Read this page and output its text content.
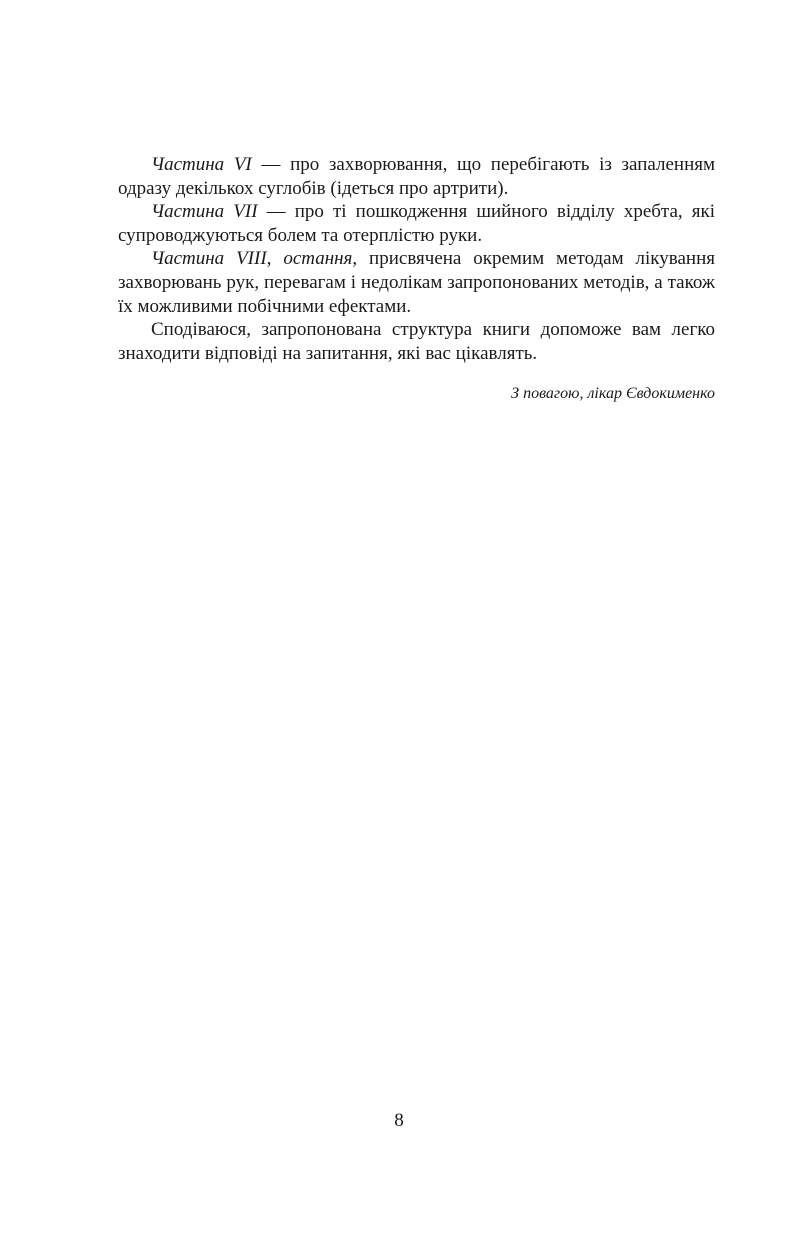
Частина VI — про захворювання, що перебігають із запаленням одразу декількох суглобів (ідеться про артрити).

Частина VII — про ті пошкодження шийного відділу хребта, які супроводжуються болем та отерплістю руки.

Частина VIII, остання, присвячена окремим методам лікування захворювань рук, перевагам і недолікам запропонованих методів, а також їх можливими побічними ефектами.

Сподіваюся, запропонована структура книги допоможе вам легко знаходити відповіді на запитання, які вас цікавлять.

З повагою, лікар Євдокименко
8
